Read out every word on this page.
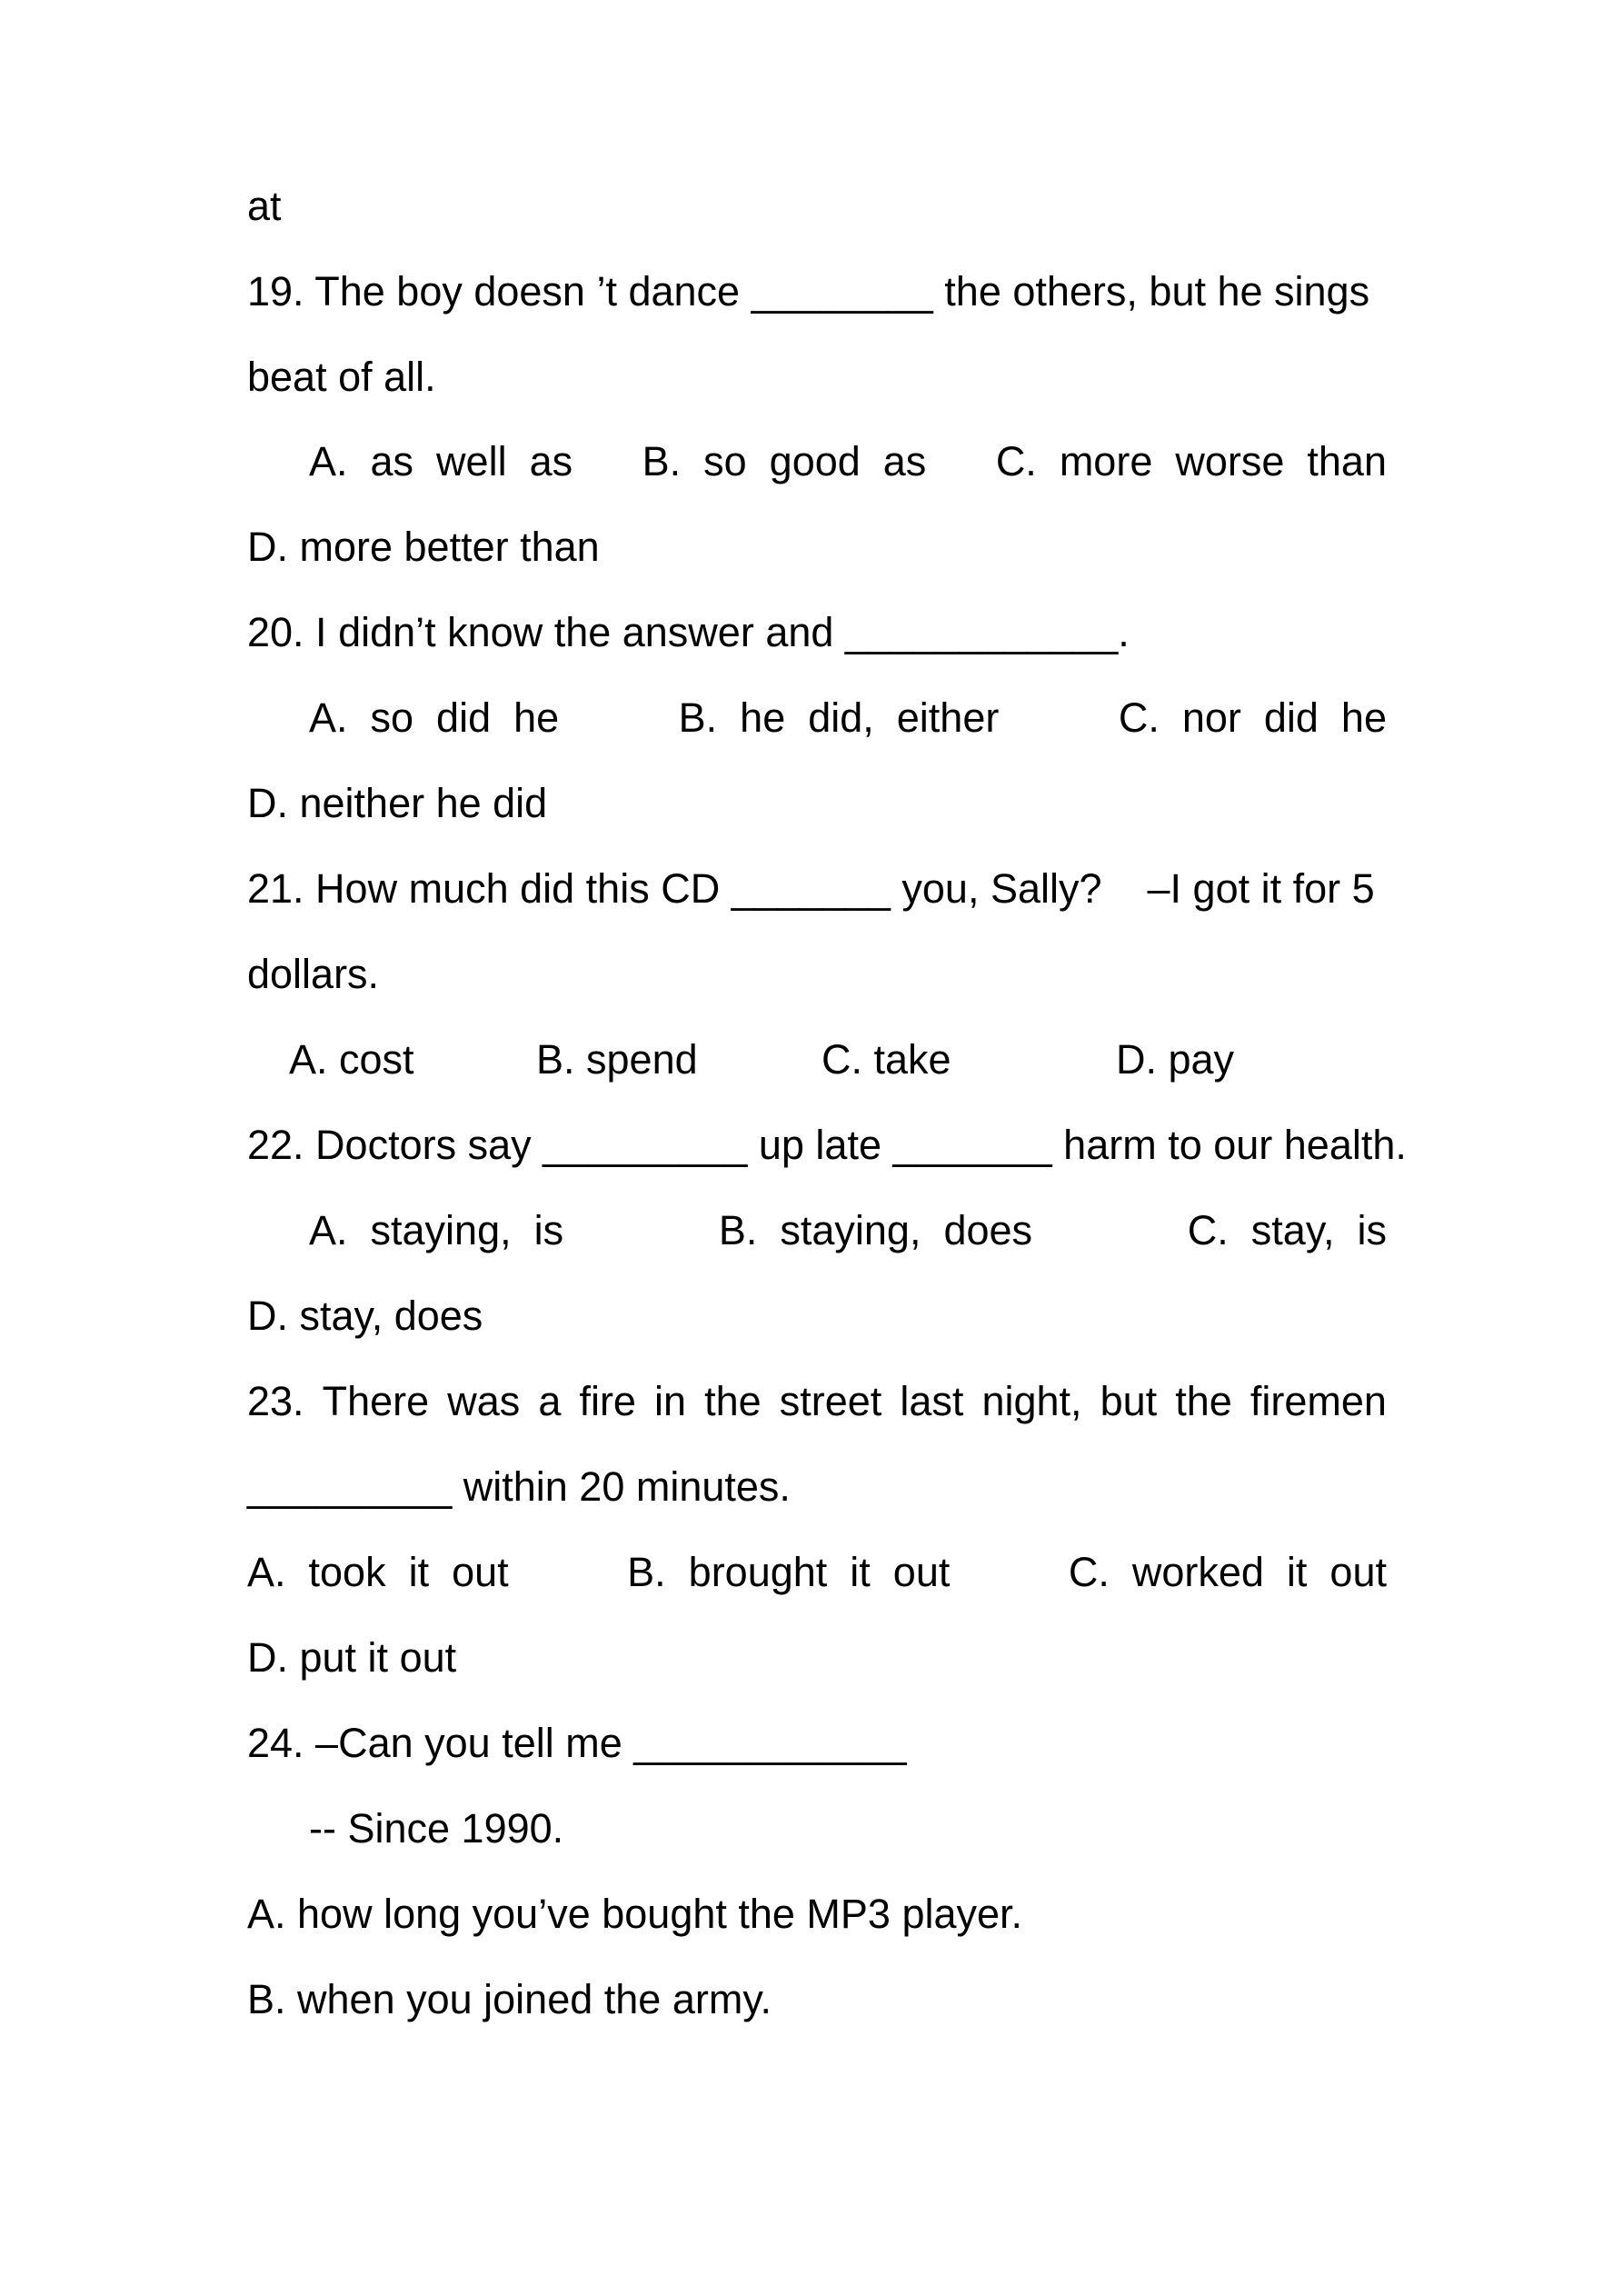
at

19. The boy doesn ’t dance ________ the others, but he sings

beat of all.

A.  as  well  as B.  so  good  as C.  more  worse  than

D. more better than

20. I didn’t know the answer and ____________.

A.  so  did  he	B.  he  did,  either	C.  nor  did  he

D. neither he did

21. How much did this CD _______ you, Sally?    –I got it for 5

dollars.

A. cost	B. spend	C. take	D. pay

22. Doctors say _________ up late _______ harm to our health.

A.  staying,  is	B.  staying,  does	C.  stay,  is

D. stay, does

23. There was a fire in the street last night, but the firemen

_________ within 20 minutes.

A.  took  it  out	B.  brought  it  out	C.  worked  it  out

D. put it out

24. –Can you tell me ____________

-- Since 1990.

A. how long you’ve bought the MP3 player.

B. when you joined the army.
